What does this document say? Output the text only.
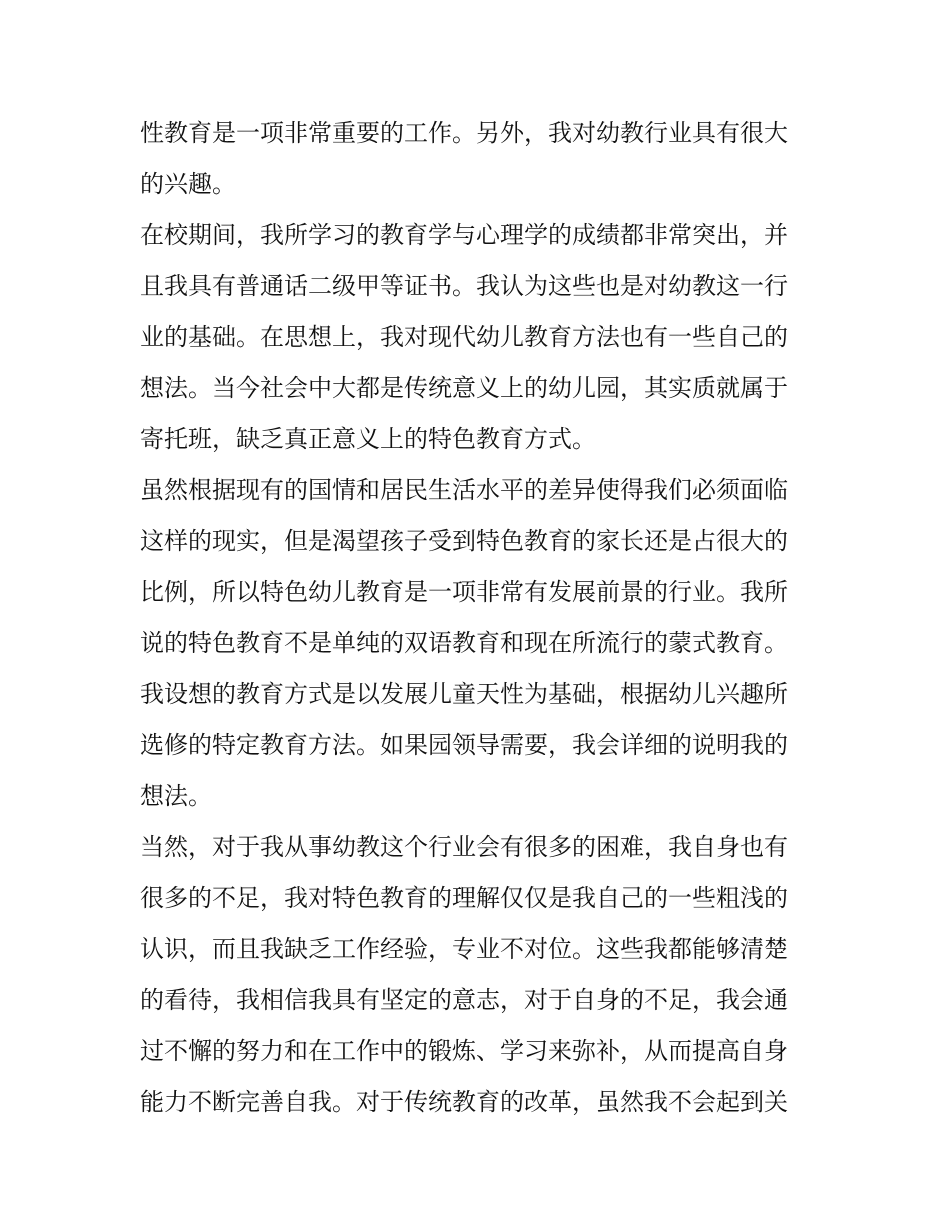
性教育是一项非常重要的工作。另外，我对幼教行业具有很大
的兴趣。
在校期间，我所学习的教育学与心理学的成绩都非常突出，并
且我具有普通话二级甲等证书。我认为这些也是对幼教这一行
业的基础。在思想上，我对现代幼儿教育方法也有一些自己的
想法。当今社会中大都是传统意义上的幼儿园，其实质就属于
寄托班，缺乏真正意义上的特色教育方式。
虽然根据现有的国情和居民生活水平的差异使得我们必须面临
这样的现实，但是渴望孩子受到特色教育的家长还是占很大的
比例，所以特色幼儿教育是一项非常有发展前景的行业。我所
说的特色教育不是单纯的双语教育和现在所流行的蒙式教育。
我设想的教育方式是以发展儿童天性为基础，根据幼儿兴趣所
选修的特定教育方法。如果园领导需要，我会详细的说明我的
想法。
当然，对于我从事幼教这个行业会有很多的困难，我自身也有
很多的不足，我对特色教育的理解仅仅是我自己的一些粗浅的
认识，而且我缺乏工作经验，专业不对位。这些我都能够清楚
的看待，我相信我具有坚定的意志，对于自身的不足，我会通
过不懈的努力和在工作中的锻炼、学习来弥补，从而提高自身
能力不断完善自我。对于传统教育的改革，虽然我不会起到关
